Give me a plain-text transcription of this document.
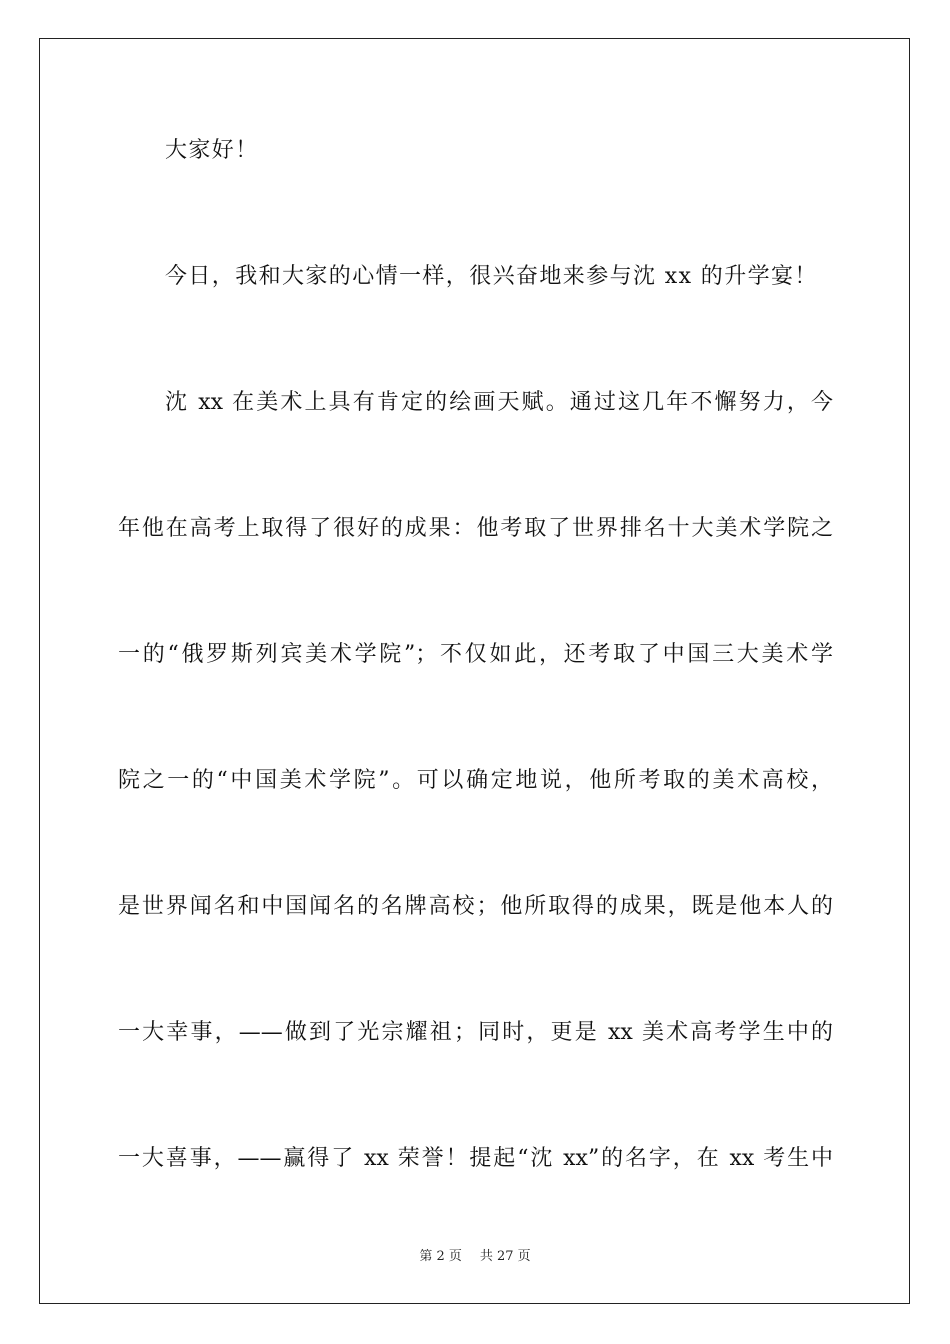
大家好！
今日，我和大家的心情一样，很兴奋地来参与沈 xx 的升学宴！
沈 xx 在美术上具有肯定的绘画天赋。通过这几年不懈努力，今
年他在高考上取得了很好的成果：他考取了世界排名十大美术学院之
一的“俄罗斯列宾美术学院”；不仅如此，还考取了中国三大美术学
院之一的“中国美术学院”。可以确定地说，他所考取的美术高校，
是世界闻名和中国闻名的名牌高校；他所取得的成果，既是他本人的
一大幸事，——做到了光宗耀祖；同时，更是 xx 美术高考学生中的
一大喜事，——赢得了 xx 荣誉！提起“沈 xx”的名字，在 xx 考生中
第 2 页 共 27 页
